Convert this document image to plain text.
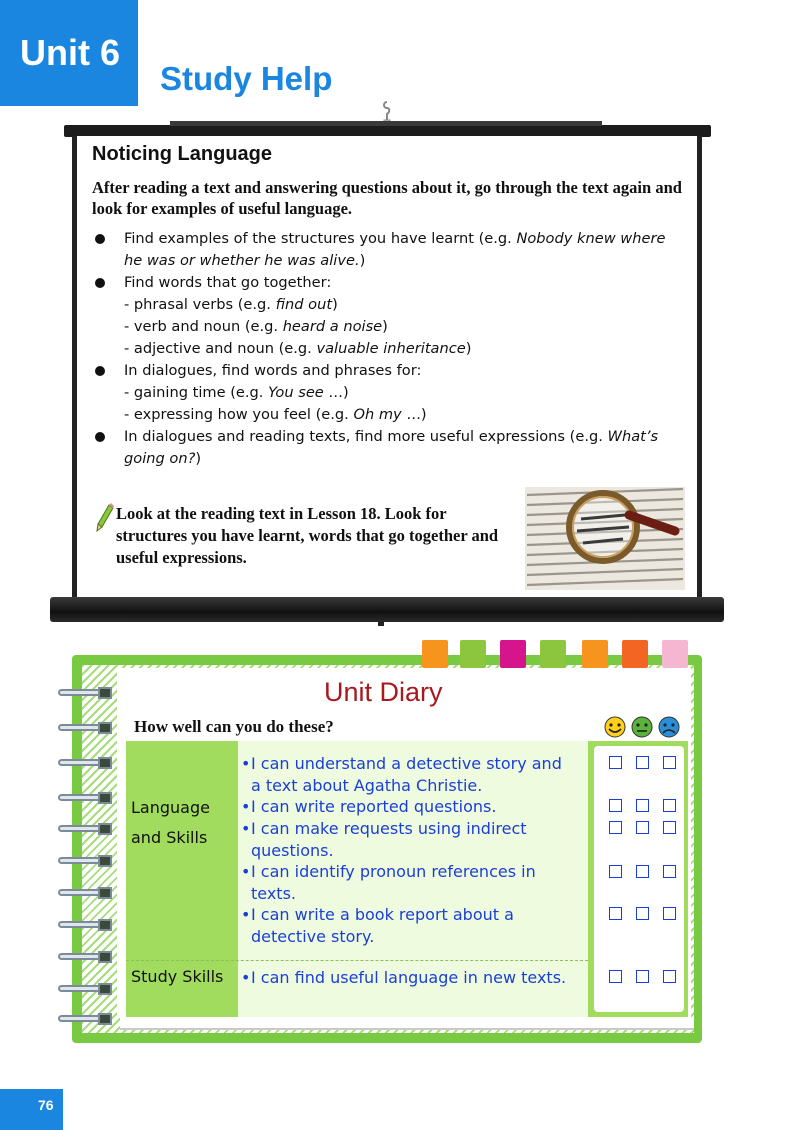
Unit 6
Study Help
Noticing Language
After reading a text and answering questions about it, go through the text again and look for examples of useful language.
Find examples of the structures you have learnt (e.g. Nobody knew where he was or whether he was alive.)
Find words that go together:
- phrasal verbs (e.g. find out)
- verb and noun (e.g. heard a noise)
- adjective and noun (e.g. valuable inheritance)
In dialogues, find words and phrases for:
- gaining time (e.g. You see …)
- expressing how you feel (e.g. Oh my …)
In dialogues and reading texts, find more useful expressions (e.g. What’s going on?)
Look at the reading text in Lesson 18. Look for structures you have learnt, words that go together and useful expressions.
Unit Diary
How well can you do these?
Language and Skills
Study Skills
•I can understand a detective story and
a text about Agatha Christie.
•I can write reported questions.
•I can make requests using indirect
questions.
•I can identify pronoun references in
texts.
•I can write a book report about a
detective story.
•I can find useful language in new texts.
76
